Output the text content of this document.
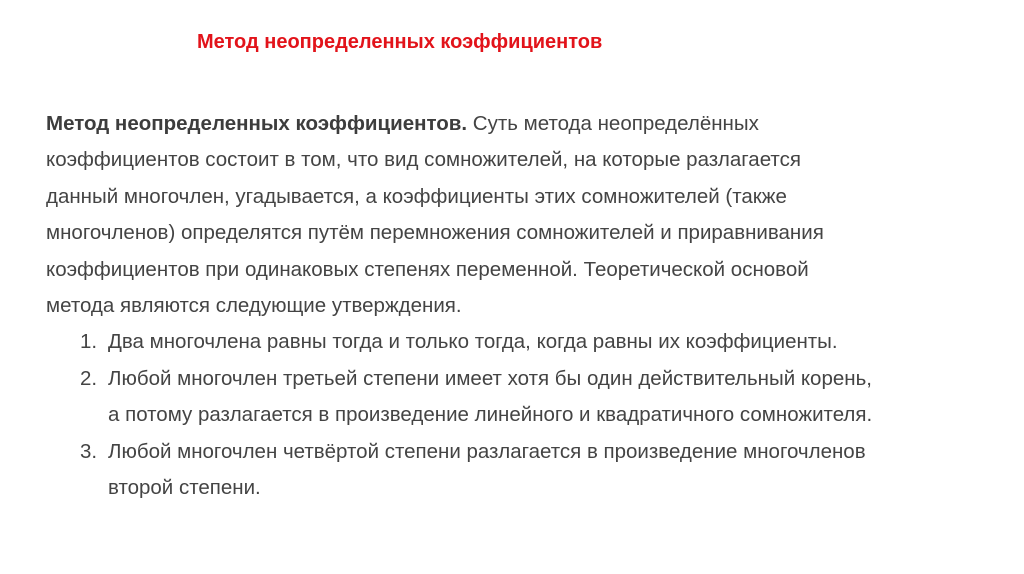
Метод неопределенных коэффициентов

Метод неопределенных коэффициентов. Суть метода неопределённых

коэффициентов состоит в том, что вид сомножителей, на которые разлагается

данный многочлен, угадывается, а коэффициенты этих сомножителей (также

многочленов) определятся путём перемножения сомножителей и приравнивания

коэффициентов при одинаковых степенях переменной. Теоретической основой

метода являются следующие утверждения.

1. Два многочлена равны тогда и только тогда, когда равны их коэффициенты.
2. Любой многочлен третьей степени имеет хотя бы один действительный корень,
а потому разлагается в произведение линейного и квадратичного сомножителя.
3. Любой многочлен четвёртой степени разлагается в произведение многочленов
второй степени.
